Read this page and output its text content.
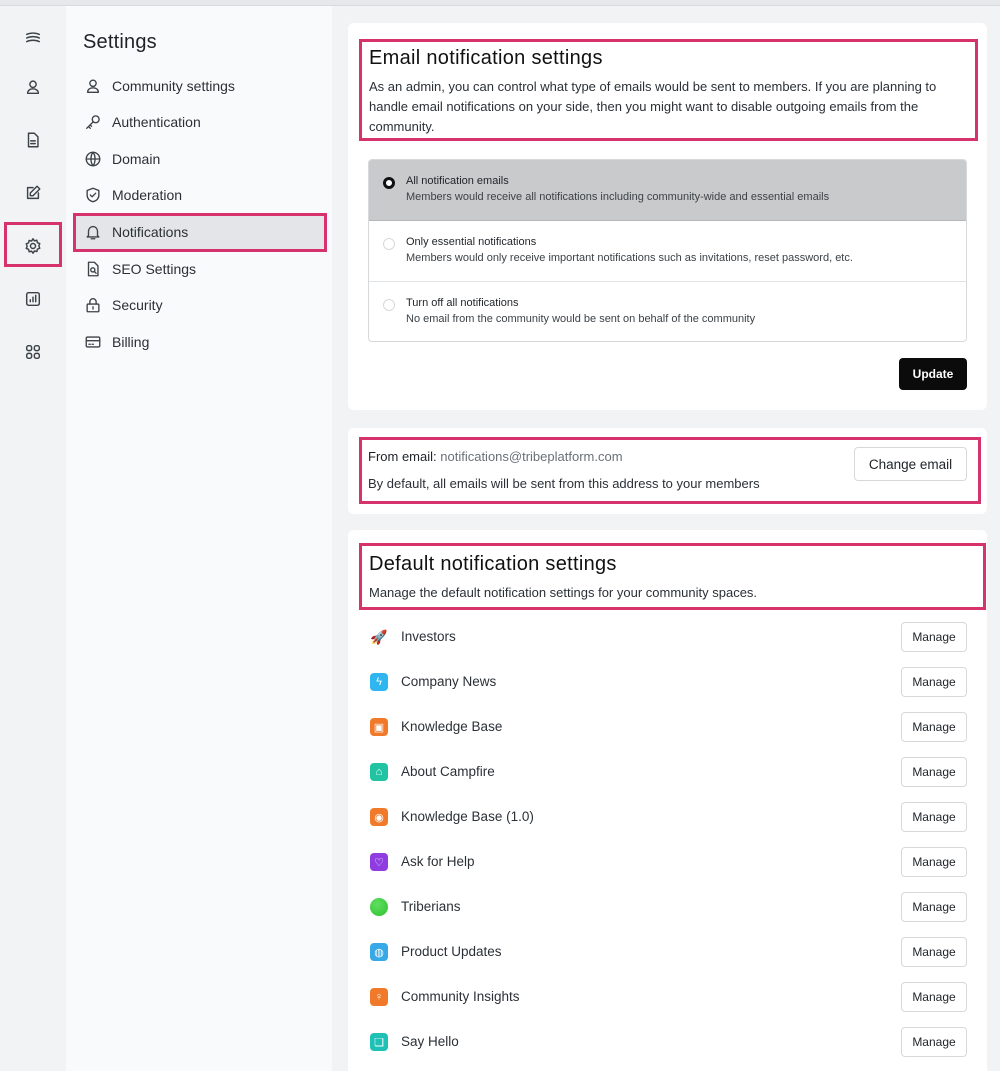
Settings
Community settings
Authentication
Domain
Moderation
Notifications
SEO Settings
Security
Billing
Email notification settings
As an admin, you can control what type of emails would be sent to members. If you are planning to handle email notifications on your side, then you might want to disable outgoing emails from the community.
All notification emails
Members would receive all notifications including community-wide and essential emails
Only essential notifications
Members would only receive important notifications such as invitations, reset password, etc.
Turn off all notifications
No email from the community would be sent on behalf of the community
Update
From email: notifications@tribeplatform.com
By default, all emails will be sent from this address to your members
Change email
Default notification settings
Manage the default notification settings for your community spaces.
🚀 Investors	Manage
ϟ	Company News	Manage
▣ Knowledge Base	Manage
⌂	About Campfire	Manage
◉	Knowledge Base (1.0)	Manage
♡	Ask for Help	Manage
Triberians	Manage
◍	Product Updates	Manage
♀	Community Insights	Manage
❏	Say Hello	Manage
